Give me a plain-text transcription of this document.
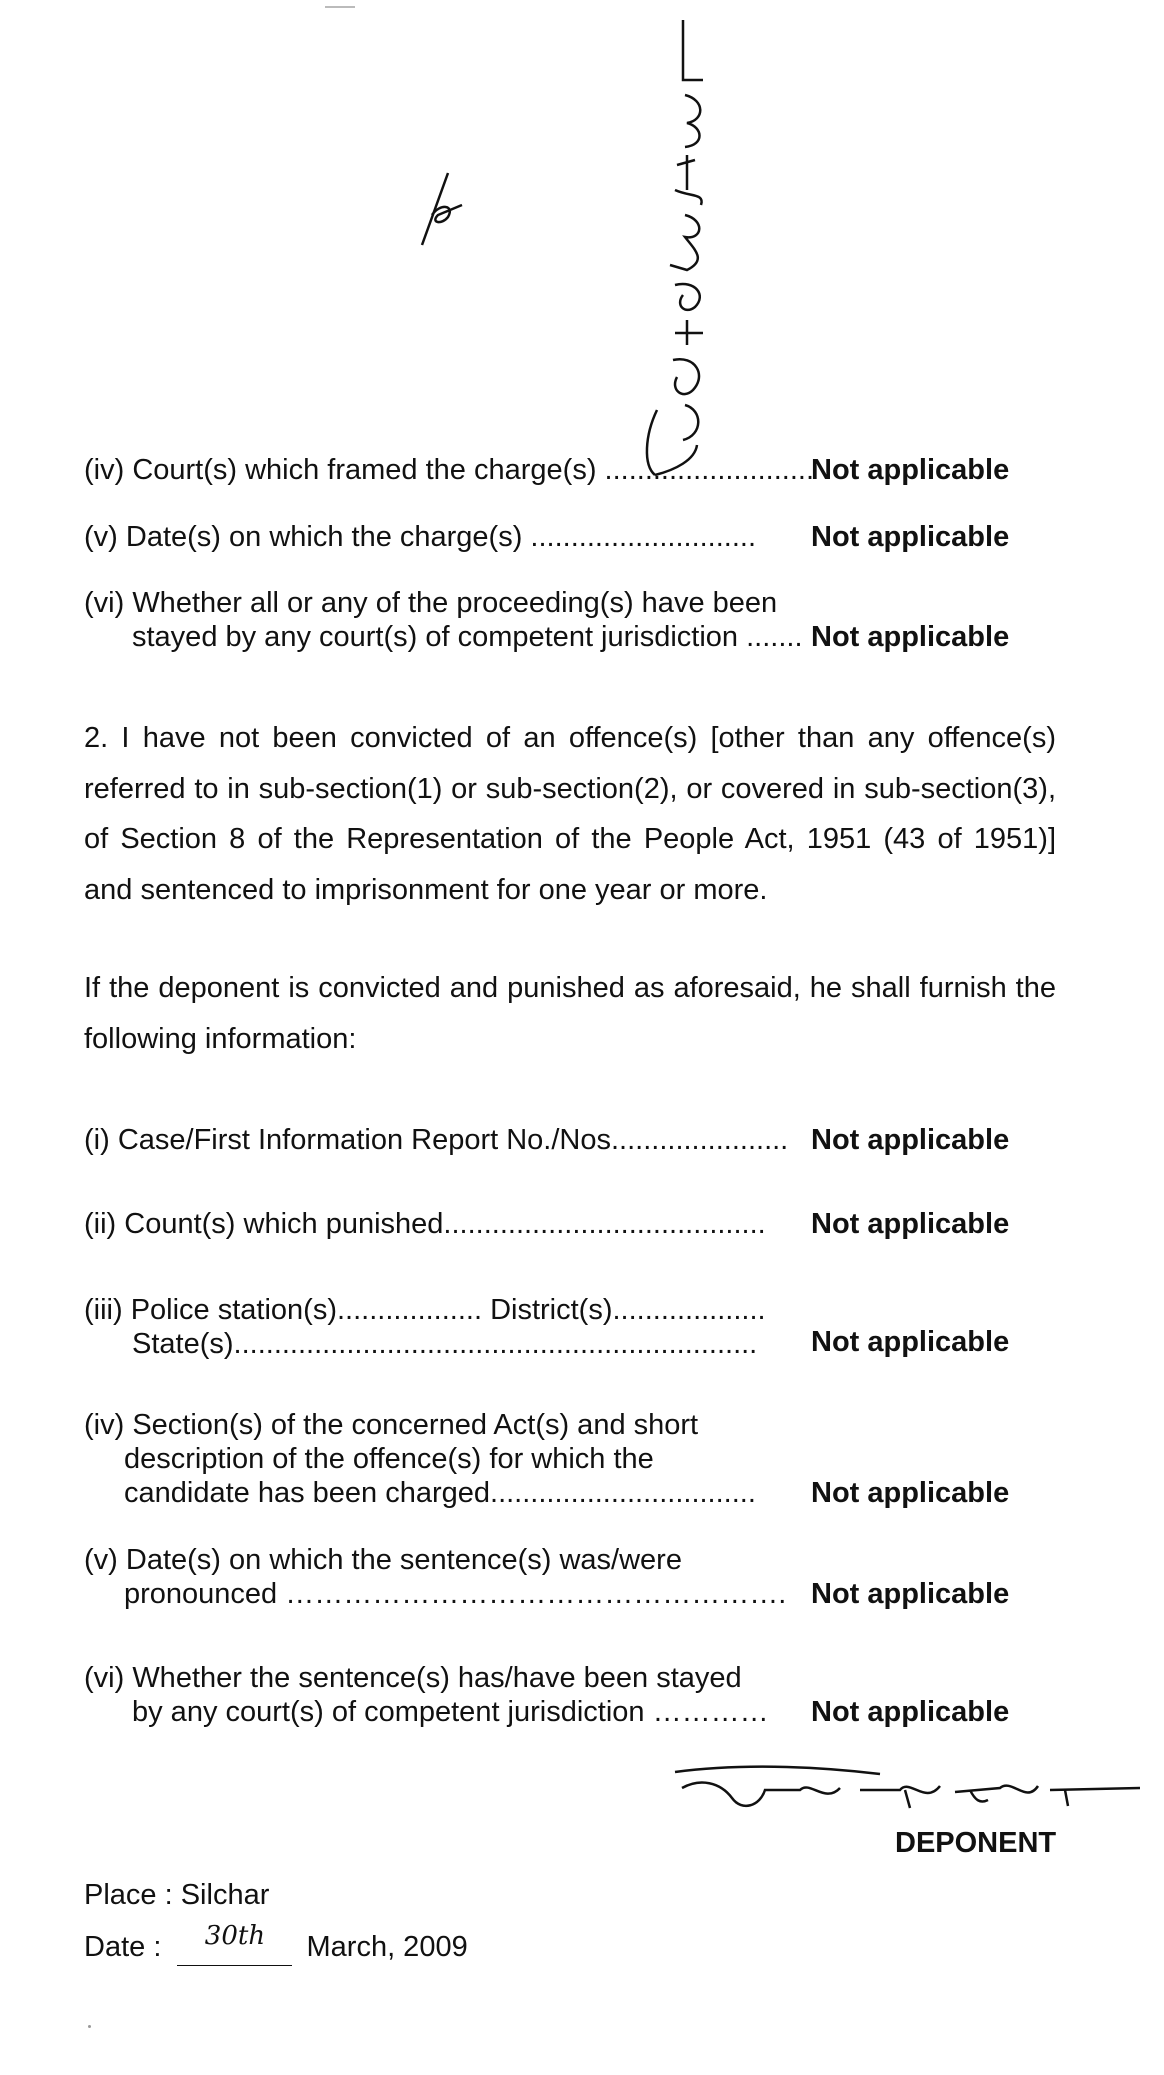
(iv) Court(s) which framed the charge(s) ..........................
Not applicable
(v) Date(s) on which the charge(s) ............................ Not applicable
(vi) Whether all or any of the proceeding(s) have been
stayed by any court(s) of competent jurisdiction ....... Not applicable
2. I have not been convicted of an offence(s) [other than any offence(s) referred to in sub-section(1) or sub-section(2), or covered in sub-section(3), of Section 8 of the Representation of the People Act, 1951 (43 of 1951)] and sentenced to imprisonment for one year or more.
If the deponent is convicted and punished as aforesaid, he shall furnish the following information:
(i) Case/First Information Report No./Nos...................... Not applicable
(ii) Count(s) which punished........................................ Not applicable
(iii) Police station(s).................. District(s)...................
State(s)................................................................. Not applicable
(iv) Section(s) of the concerned Act(s) and short
description of the offence(s) for which the
candidate has been charged................................. Not applicable
(v) Date(s) on which the sentence(s) was/were
pronounced ……………………………………………. Not applicable
(vi) Whether the sentence(s) has/have been stayed
by any court(s) of competent jurisdiction ………… Not applicable
DEPONENT
Place : Silchar
Date : 30th March, 2009
